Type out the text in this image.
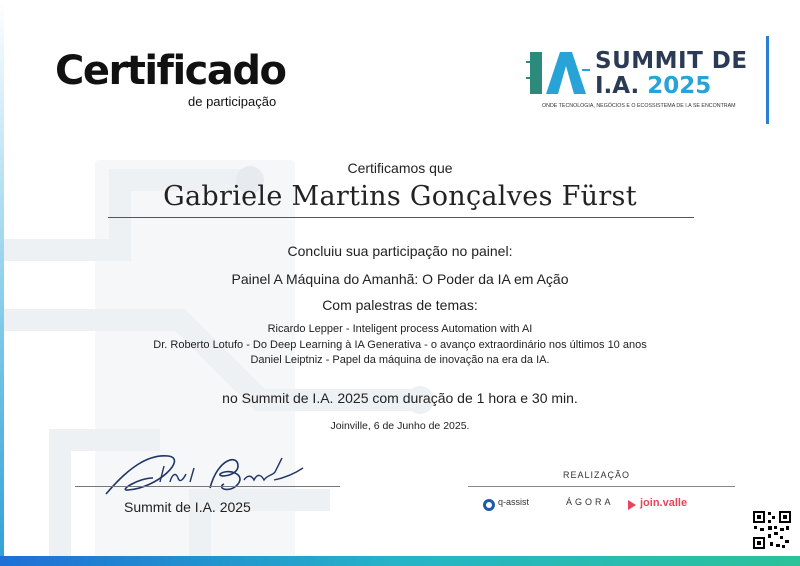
Certificado
de participação
SUMMIT DE
I.A. 2025
ONDE TECNOLOGIA, NEGÓCIOS E O ECOSSISTEMA DE I.A SE ENCONTRAM
Certificamos que
Gabriele Martins Gonçalves Fürst
Concluiu sua participação no painel:
Painel A Máquina do Amanhã: O Poder da IA em Ação
Com palestras de temas:
Ricardo Lepper - Inteligent process Automation with AI
Dr. Roberto Lotufo - Do Deep Learning à IA Generativa - o avanço extraordinário nos últimos 10 anos
Daniel Leiptniz - Papel da máquina de inovação na era da IA.
no Summit de I.A. 2025 com duração de 1 hora e 30 min.
Joinville, 6 de Junho de 2025.
Summit de I.A. 2025
REALIZAÇÃO
q-assist	ÁGORA join.valle
